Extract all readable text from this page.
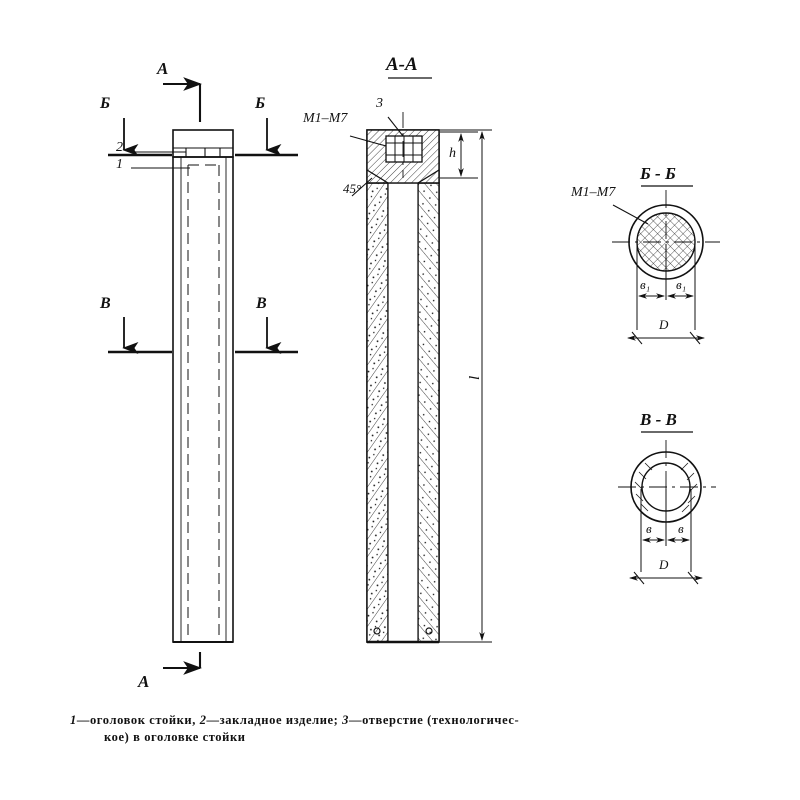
А
А
Б	Б
В	В
2
1
А-А
3
M1–M7
45°
h
l
Б - Б
M1–M7
в₁ в₁
D
В - В
в в
D
1—оголовок стойки, 2—закладное изделие; 3—отверстие (технологичес-
кое) в оголовке стойки
